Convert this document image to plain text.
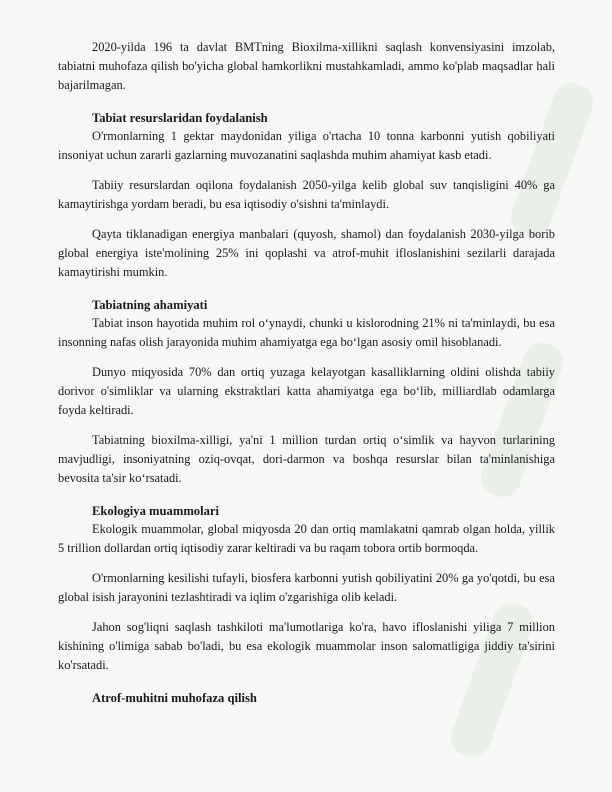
2020-yilda 196 ta davlat BMTning Bioxilma-xillikni saqlash konvensiyasini imzolab, tabiatni muhofaza qilish bo'yicha global hamkorlikni mustahkamladi, ammo ko'plab maqsadlar hali bajarilmagan.

Tabiat resurslaridan foydalanish

O'rmonlarning 1 gektar maydonidan yiliga o'rtacha 10 tonna karbonni yutish qobiliyati insoniyat uchun zararli gazlarning muvozanatini saqlashda muhim ahamiyat kasb etadi.

Tabiiy resurslardan oqilona foydalanish 2050-yilga kelib global suv tanqisligini 40% ga kamaytirishga yordam beradi, bu esa iqtisodiy o'sishni ta'minlaydi.

Qayta tiklanadigan energiya manbalari (quyosh, shamol) dan foydalanish 2030-yilga borib global energiya iste'molining 25% ini qoplashi va atrof-muhit ifloslanishini sezilarli darajada kamaytirishi mumkin.

Tabiatning ahamiyati

Tabiat inson hayotida muhim rol o‘ynaydi, chunki u kislorodning 21% ni ta'minlaydi, bu esa insonning nafas olish jarayonida muhim ahamiyatga ega bo‘lgan asosiy omil hisoblanadi.

Dunyo miqyosida 70% dan ortiq yuzaga kelayotgan kasalliklarning oldini olishda tabiiy dorivor o'simliklar va ularning ekstraktlari katta ahamiyatga ega bo‘lib, milliardlab odamlarga foyda keltiradi.

Tabiatning bioxilma-xilligi, ya'ni 1 million turdan ortiq o‘simlik va hayvon turlarining mavjudligi, insoniyatning oziq-ovqat, dori-darmon va boshqa resurslar bilan ta'minlanishiga bevosita ta'sir ko‘rsatadi.

Ekologiya muammolari

Ekologik muammolar, global miqyosda 20 dan ortiq mamlakatni qamrab olgan holda, yillik 5 trillion dollardan ortiq iqtisodiy zarar keltiradi va bu raqam tobora ortib bormoqda.

O'rmonlarning kesilishi tufayli, biosfera karbonni yutish qobiliyatini 20% ga yo'qotdi, bu esa global isish jarayonini tezlashtiradi va iqlim o'zgarishiga olib keladi.

Jahon sog'liqni saqlash tashkiloti ma'lumotlariga ko'ra, havo ifloslanishi yiliga 7 million kishining o'limiga sabab bo'ladi, bu esa ekologik muammolar inson salomatligiga jiddiy ta'sirini ko'rsatadi.

Atrof-muhitni muhofaza qilish
